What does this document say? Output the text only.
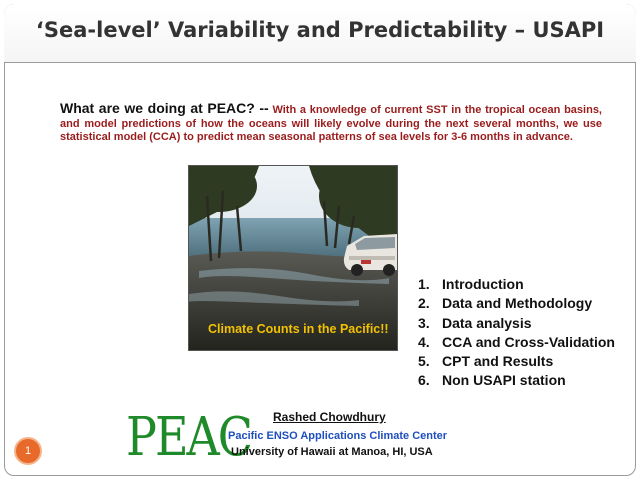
‘Sea-level’ Variability and Predictability – USAPI
What are we doing at PEAC? -- With a knowledge of current SST in the tropical ocean basins, and model predictions of how the oceans will likely evolve during the next several months, we use statistical model (CCA) to predict mean seasonal patterns of sea levels for 3-6 months in advance.
Climate Counts in the Pacific!!
1. Introduction
2. Data and Methodology
3. Data analysis
4. CCA and Cross-Validation
5. CPT and Results
6. Non USAPI station
PEAC Rashed Chowdhury
Pacific ENSO Applications Climate Center
University of Hawaii at Manoa, HI, USA
1
